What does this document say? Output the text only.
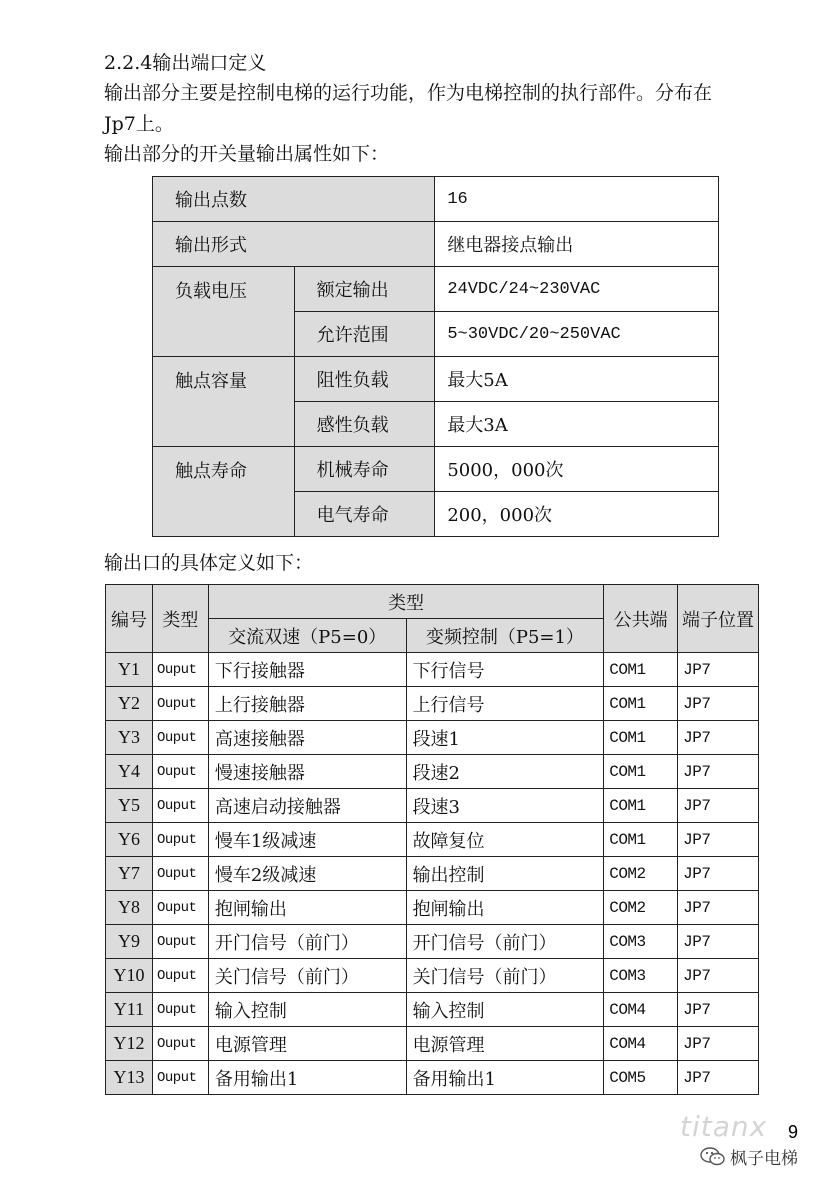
2.2.4输出端口定义
输出部分主要是控制电梯的运行功能，作为电梯控制的执行部件。分布在
Jp7上。
输出部分的开关量输出属性如下：
输出点数		16
输出形式		继电器接点输出
负载电压	额定输出	24VDC/24~230VAC
	允许范围	5~30VDC/20~250VAC
触点容量	阻性负载	最大5A
	感性负载	最大3A
触点寿命	机械寿命	5000，000次
	电气寿命	200，000次
输出口的具体定义如下：
编号	类型	类型		公共端	端子位置
		交流双速（P5=0）	变频控制（P5=1）		
Y1	Ouput	下行接触器	下行信号	COM1	JP7
Y2	Ouput	上行接触器	上行信号	COM1	JP7
Y3	Ouput	高速接触器	段速1	COM1	JP7
Y4	Ouput	慢速接触器	段速2	COM1	JP7
Y5	Ouput	高速启动接触器	段速3	COM1	JP7
Y6	Ouput	慢车1级减速	故障复位	COM1	JP7
Y7	Ouput	慢车2级减速	输出控制	COM2	JP7
Y8	Ouput	抱闸输出	抱闸输出	COM2	JP7
Y9	Ouput	开门信号（前门）	开门信号（前门）	COM3	JP7
Y10	Ouput	关门信号（前门）	关门信号（前门）	COM3	JP7
Y11	Ouput	输入控制	输入控制	COM4	JP7
Y12	Ouput	电源管理	电源管理	COM4	JP7
Y13	Ouput	备用输出1	备用输出1	COM5	JP7
titanx 9
枫子电梯
